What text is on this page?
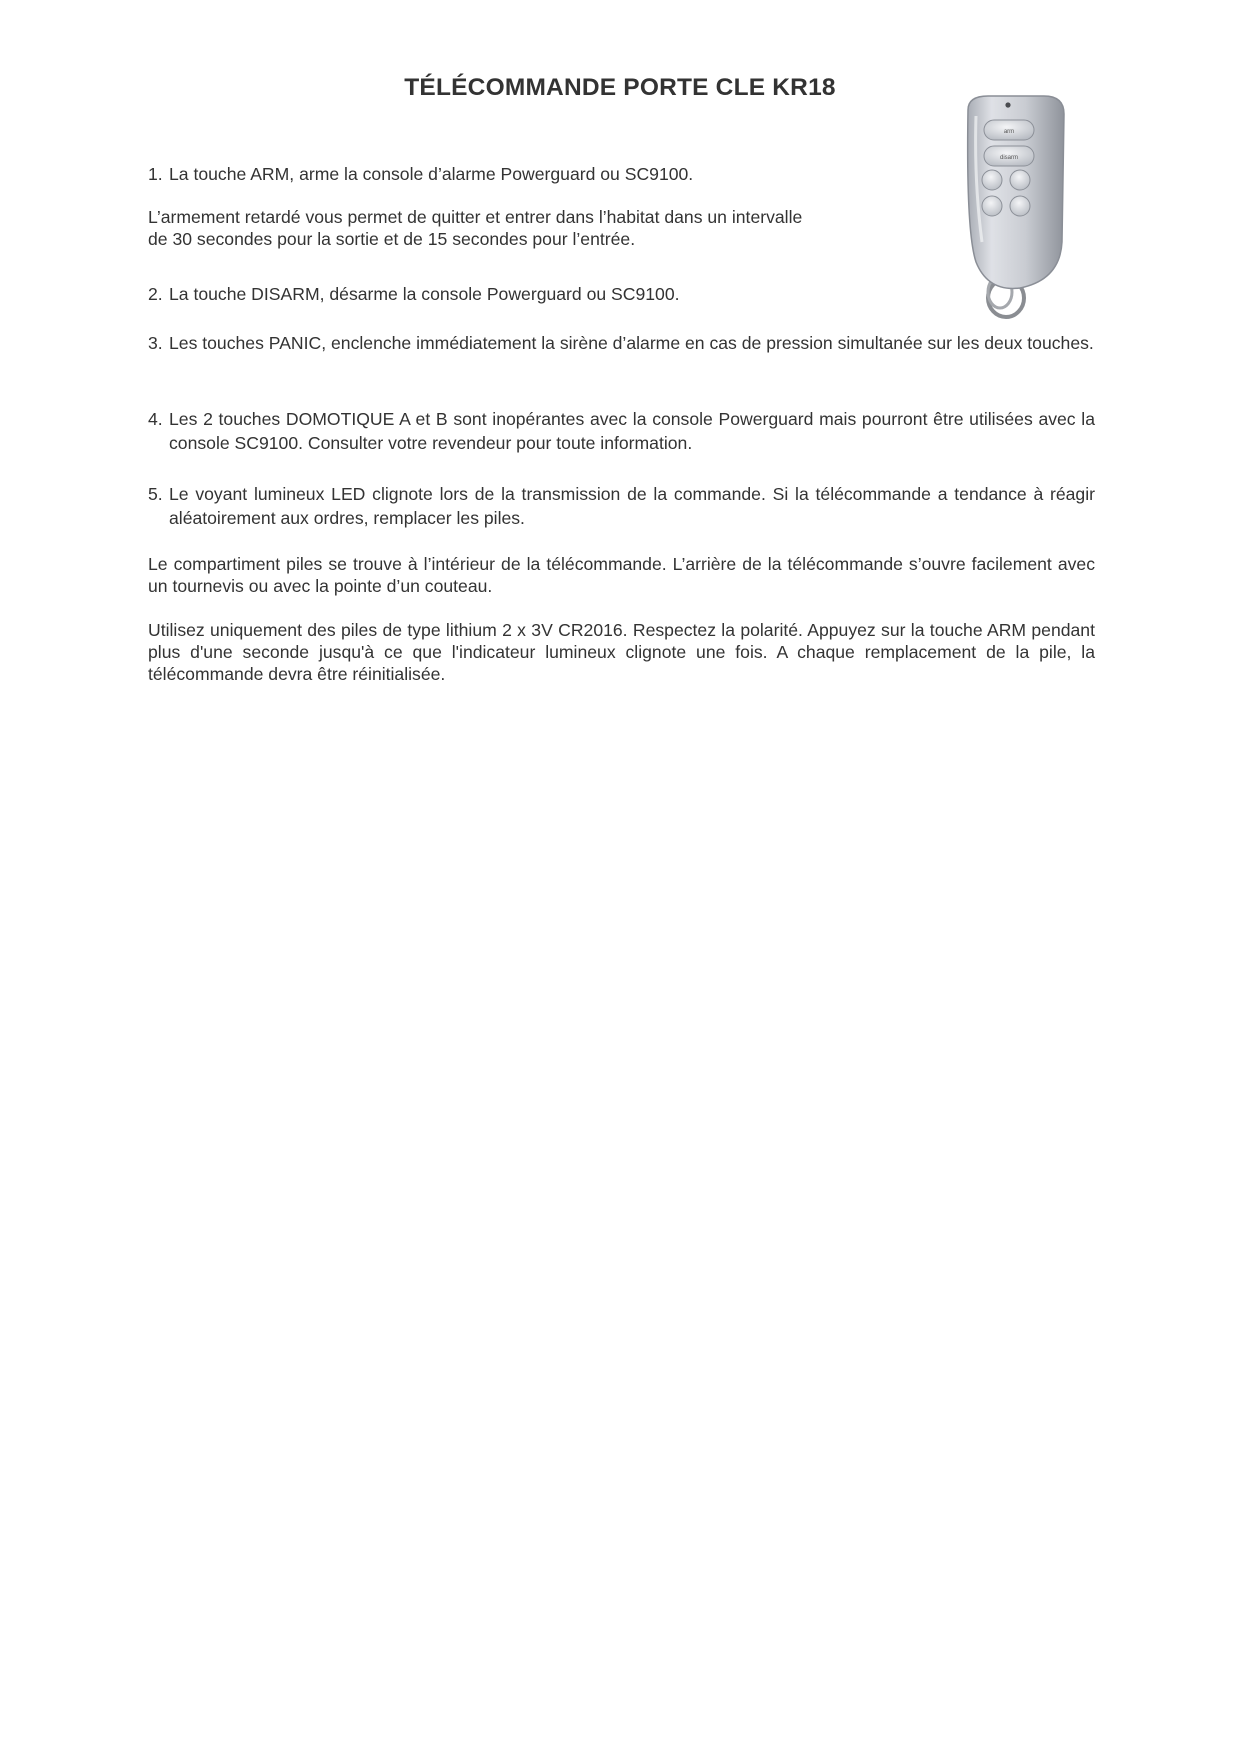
TÉLÉCOMMANDE PORTE CLE KR18
arm
disarm
1. La touche ARM, arme la console d’alarme Powerguard ou SC9100.

L’armement retardé vous permet de quitter et entrer dans l’habitat dans un intervalle

de 30 secondes pour la sortie et de 15 secondes pour l’entrée.

2. La touche DISARM, désarme la console Powerguard ou SC9100.
3. Les touches PANIC, enclenche immédiatement la sirène d’alarme en cas de pression simultanée sur les deux touches.
4. Les 2 touches DOMOTIQUE A et B sont inopérantes avec la console Powerguard mais pourront être utilisées avec la console SC9100. Consulter votre revendeur pour toute information.
5. Le voyant lumineux LED clignote lors de la transmission de la commande. Si la télécommande a tendance à réagir aléatoirement aux ordres, remplacer les piles.

Le compartiment piles se trouve à l’intérieur de la télécommande. L’arrière de la télécommande s’ouvre facilement avec un tournevis ou avec la pointe d’un couteau.

Utilisez uniquement des piles de type lithium 2 x 3V CR2016. Respectez la polarité. Appuyez sur la touche ARM pendant plus d'une seconde jusqu'à ce que l'indicateur lumineux clignote une fois. A chaque remplacement de la pile, la télécommande devra être réinitialisée.
